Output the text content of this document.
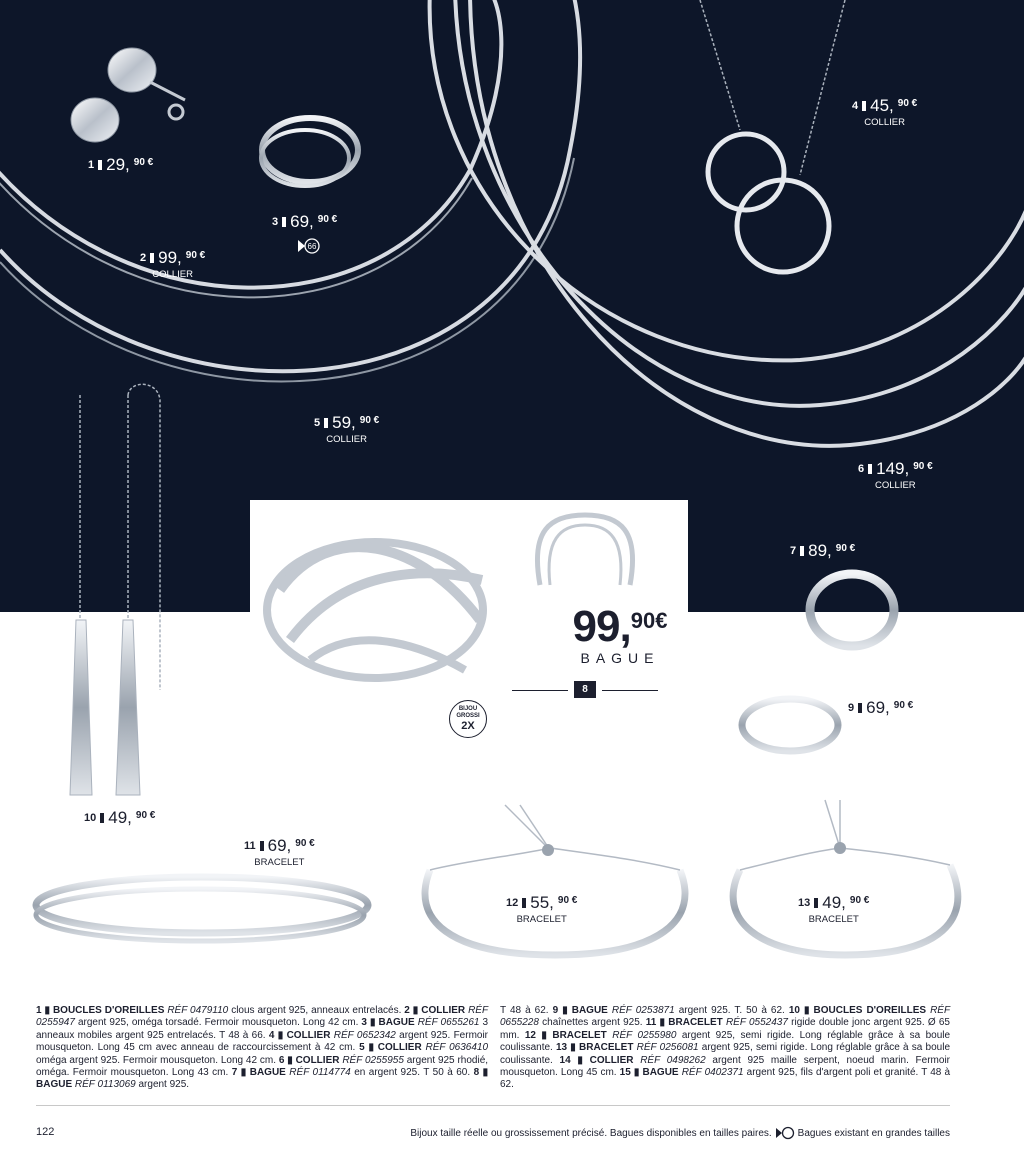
99,90€
BAGUE
8
BIJOU
GROSSI
2X
1 29, 90 €
2 99, 90 €
COLLIER
3 69, 90 €
66
4 45, 90 €
COLLIER
5 59, 90 €
COLLIER
6 149, 90 €
COLLIER
7 89, 90 €
9 69, 90 €
10 49, 90 €
11 69, 90 €
BRACELET
12 55, 90 €
BRACELET
13 49, 90 €
BRACELET
1 ▮ BOUCLES D'OREILLES RÉF 0479110 clous argent 925, anneaux entrelacés. 2 ▮ COLLIER RÉF 0255947 argent 925, oméga torsadé. Fermoir mousqueton. Long 42 cm. 3 ▮ BAGUE RÉF 0655261 3 anneaux mobiles argent 925 entrelacés. T 48 à 66. 4 ▮ COLLIER RÉF 0652342 argent 925. Fermoir mousqueton. Long 45 cm avec anneau de raccourcissement à 42 cm. 5 ▮ COLLIER RÉF 0636410 oméga argent 925. Fermoir mousqueton. Long 42 cm. 6 ▮ COLLIER RÉF 0255955 argent 925 rhodié, oméga. Fermoir mousqueton. Long 43 cm. 7 ▮ BAGUE RÉF 0114774 en argent 925. T 50 à 60. 8 ▮ BAGUE RÉF 0113069 argent 925.
T 48 à 62. 9 ▮ BAGUE RÉF 0253871 argent 925. T. 50 à 62. 10 ▮ BOUCLES D'OREILLES RÉF 0655228 chaînettes argent 925. 11 ▮ BRACELET RÉF 0552437 rigide double jonc argent 925. Ø 65 mm. 12 ▮ BRACELET RÉF 0255980 argent 925, semi rigide. Long réglable grâce à sa boule coulissante. 13 ▮ BRACELET RÉF 0256081 argent 925, semi rigide. Long réglable grâce à sa boule coulissante. 14 ▮ COLLIER RÉF 0498262 argent 925 maille serpent, noeud marin. Fermoir mousqueton. Long 45 cm. 15 ▮ BAGUE RÉF 0402371 argent 925, fils d'argent poli et granité. T 48 à 62.
122	Bijoux taille réelle ou grossissement précisé. Bagues disponibles en tailles paires.	Bagues existant en grandes tailles
